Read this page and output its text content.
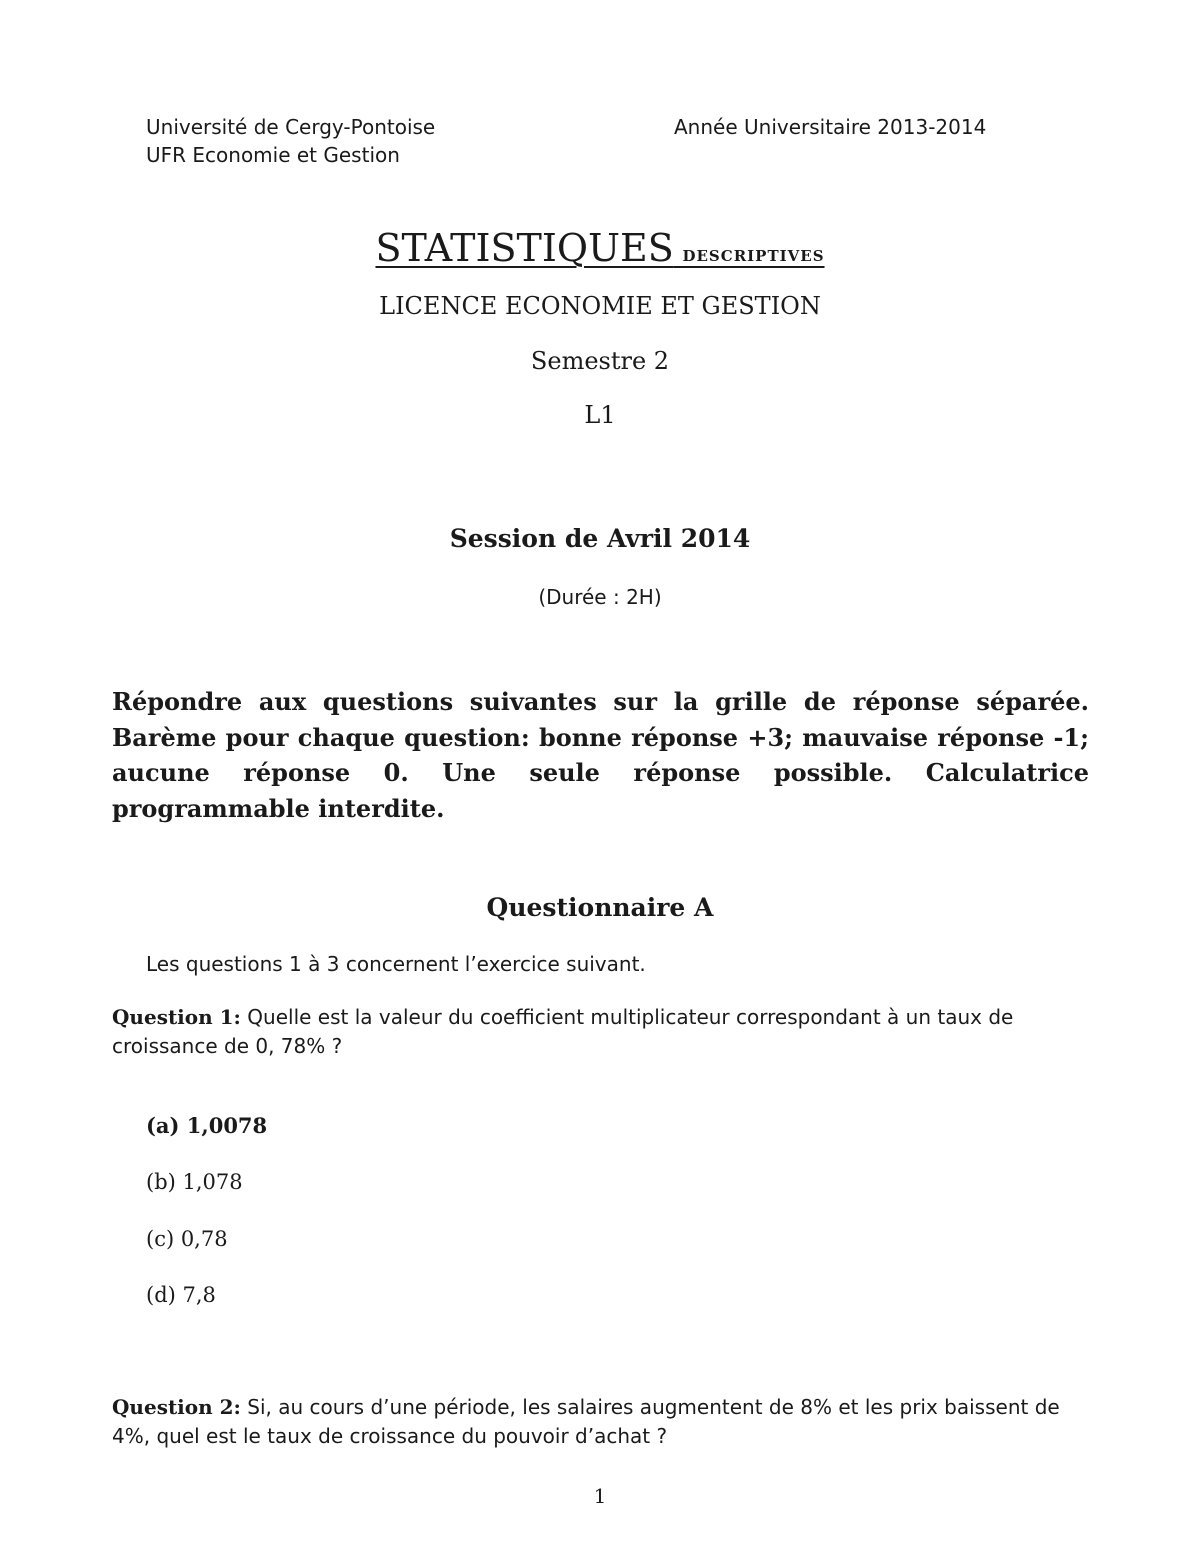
Université de Cergy-Pontoise
UFR Economie et Gestion
Année Universitaire 2013-2014
STATISTIQUES descriptives
LICENCE ECONOMIE ET GESTION
Semestre 2
L1
Session de Avril 2014
(Durée : 2H)
Répondre aux questions suivantes sur la grille de réponse séparée. Barème pour chaque question: bonne réponse +3; mauvaise réponse -1; aucune réponse 0. Une seule réponse possible. Calculatrice programmable interdite.
Questionnaire A
Les questions 1 à 3 concernent l’exercice suivant.
Question 1: Quelle est la valeur du coefficient multiplicateur correspondant à un taux de croissance de 0, 78% ?
(a) 1,0078
(b) 1,078
(c) 0,78
(d) 7,8
Question 2: Si, au cours d’une période, les salaires augmentent de 8% et les prix baissent de 4%, quel est le taux de croissance du pouvoir d’achat ?
1
